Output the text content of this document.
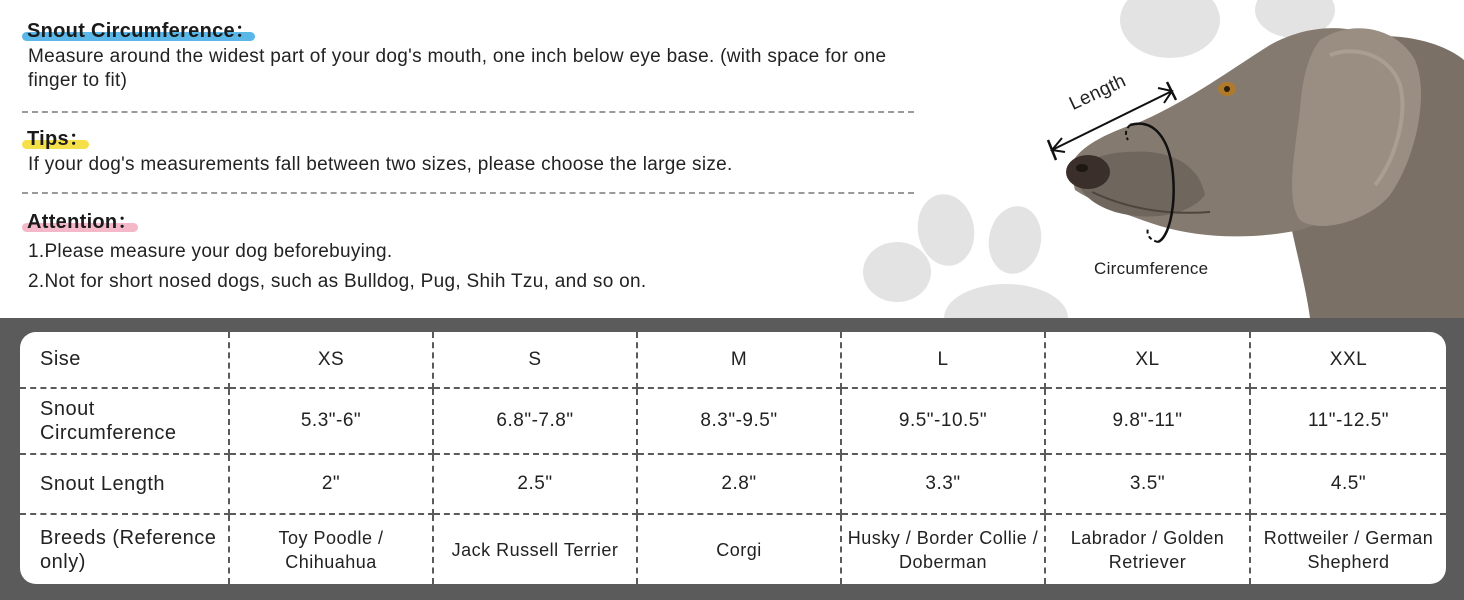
Snout Circumference：
Measure around the widest part of your dog's mouth, one inch below eye base. (with space for one finger to fit)
Tips：
If your dog's measurements fall between two sizes, please choose the large size.
Attention：
1.Please measure your dog beforebuying.
2.Not for short nosed dogs, such as Bulldog, Pug, Shih Tzu, and so on.
Length
Circumference
Sise	XS	S	M	L	XL	XXL
Snout Circumference	5.3"-6"	6.8"-7.8"	8.3"-9.5"	9.5"-10.5"	9.8"-11"	11"-12.5"
Snout Length	2"	2.5"	2.8"	3.3"	3.5"	4.5"
Breeds (Reference only)	Toy Poodle / Chihuahua	Jack Russell Terrier	Corgi	Husky / Border Collie / Doberman	Labrador / Golden Retriever	Rottweiler / German Shepherd
